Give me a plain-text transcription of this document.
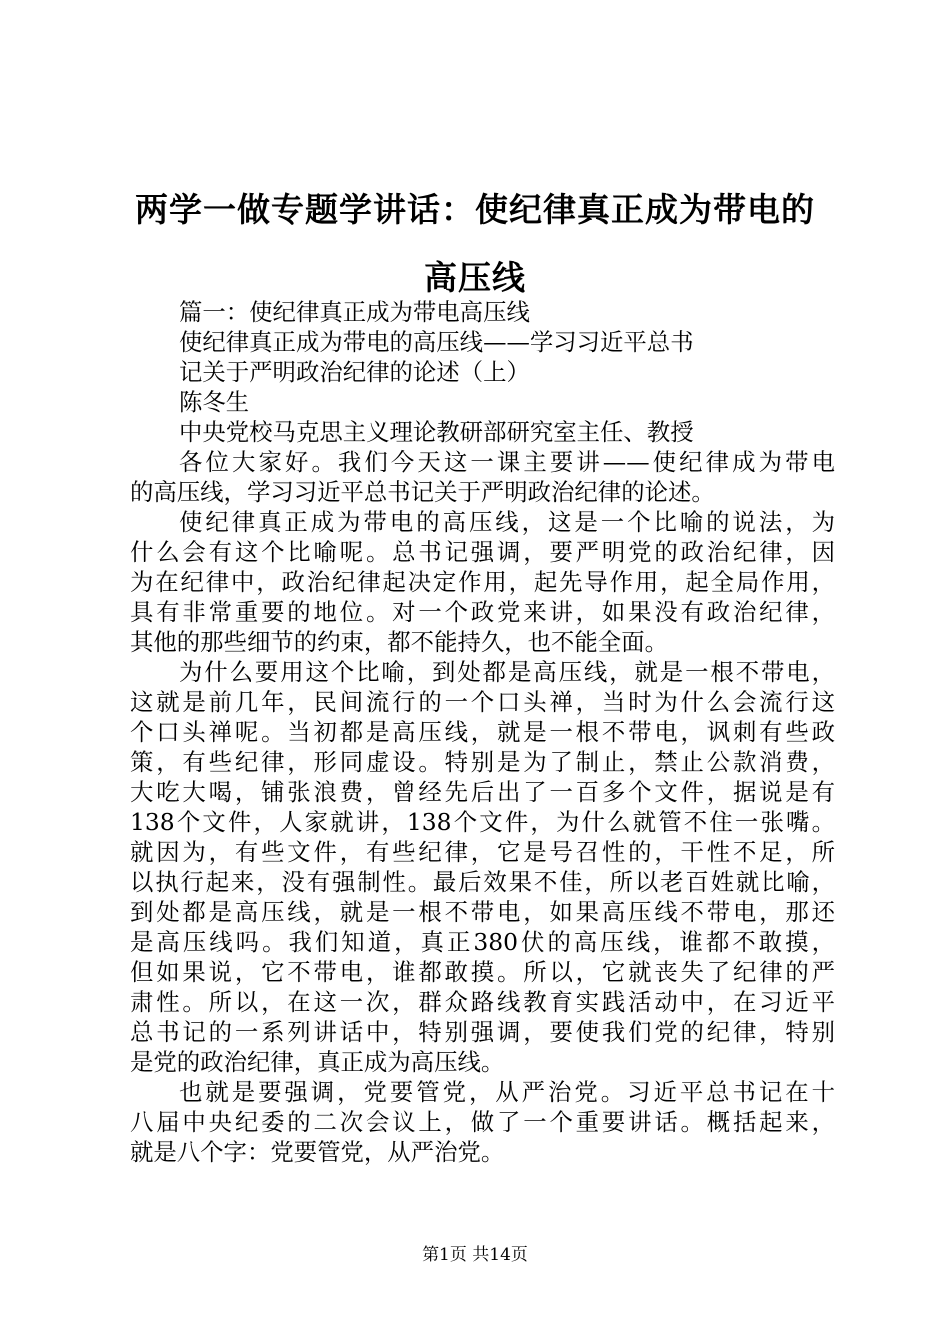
两学一做专题学讲话：使纪律真正成为带电的
高压线
篇一：使纪律真正成为带电高压线
使纪律真正成为带电的高压线——学习习近平总书
记关于严明政治纪律的论述（上）
陈冬生
中央党校马克思主义理论教研部研究室主任、教授
各位大家好。我们今天这一课主要讲——使纪律成为带电
的高压线，学习习近平总书记关于严明政治纪律的论述。
使纪律真正成为带电的高压线，这是一个比喻的说法，为
什么会有这个比喻呢。总书记强调，要严明党的政治纪律，因
为在纪律中，政治纪律起决定作用，起先导作用，起全局作用，
具有非常重要的地位。对一个政党来讲，如果没有政治纪律，
其他的那些细节的约束，都不能持久，也不能全面。
为什么要用这个比喻，到处都是高压线，就是一根不带电，
这就是前几年，民间流行的一个口头禅，当时为什么会流行这
个口头禅呢。当初都是高压线，就是一根不带电，讽刺有些政
策，有些纪律，形同虚设。特别是为了制止，禁止公款消费，
大吃大喝，铺张浪费，曾经先后出了一百多个文件，据说是有
138个文件，人家就讲，138个文件，为什么就管不住一张嘴。
就因为，有些文件，有些纪律，它是号召性的，干性不足，所
以执行起来，没有强制性。最后效果不佳，所以老百姓就比喻，
到处都是高压线，就是一根不带电，如果高压线不带电，那还
是高压线吗。我们知道，真正380伏的高压线，谁都不敢摸，
但如果说，它不带电，谁都敢摸。所以，它就丧失了纪律的严
肃性。所以，在这一次，群众路线教育实践活动中，在习近平
总书记的一系列讲话中，特别强调，要使我们党的纪律，特别
是党的政治纪律，真正成为高压线。
也就是要强调，党要管党，从严治党。习近平总书记在十
八届中央纪委的二次会议上，做了一个重要讲话。概括起来，
就是八个字：党要管党，从严治党。
第1页 共14页
